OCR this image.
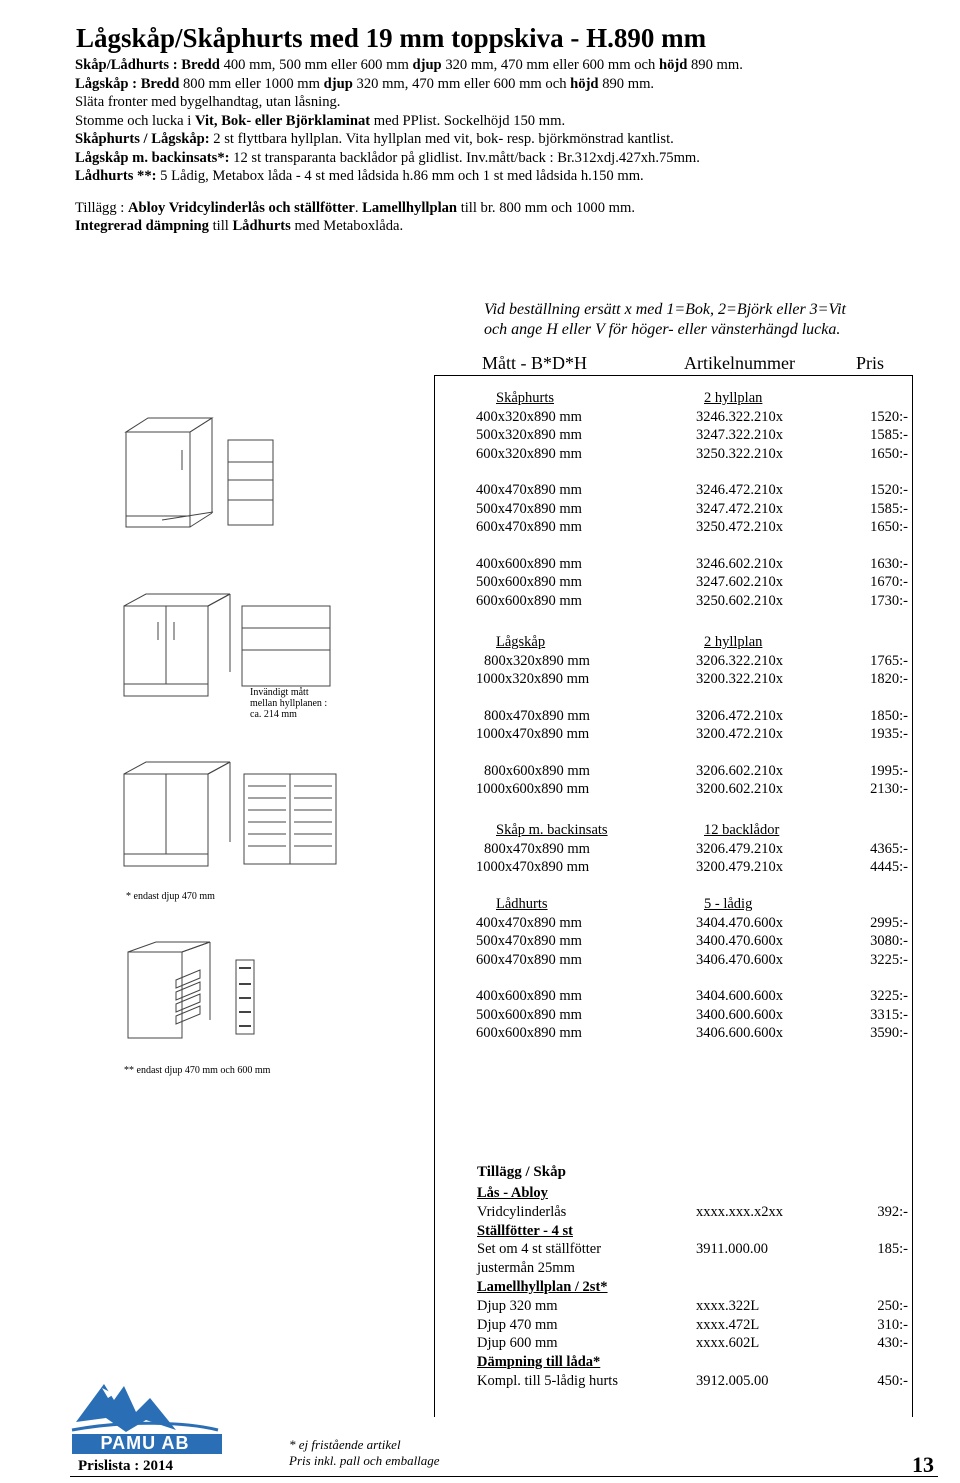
Lågskåp/Skåphurts med 19 mm toppskiva - H.890 mm

Skåp/Lådhurts : Bredd 400 mm, 500 mm eller 600 mm djup 320 mm, 470 mm eller 600 mm och höjd 890 mm.

Lågskåp : Bredd 800 mm eller 1000 mm djup 320 mm, 470 mm eller 600 mm och höjd 890 mm.

Släta fronter med bygelhandtag, utan låsning.

Stomme och lucka i Vit, Bok- eller Björklaminat med PPlist. Sockelhöjd 150 mm.

Skåphurts / Lågskåp: 2 st flyttbara hyllplan. Vita hyllplan med vit, bok- resp. björkmönstrad kantlist.

Lågskåp m. backinsats*: 12 st transparanta backlådor på glidlist. Inv.mått/back : Br.312xdj.427xh.75mm.

Lådhurts **: 5 Lådig, Metabox låda - 4 st med lådsida h.86 mm och 1 st med lådsida h.150 mm.

Tillägg : Abloy Vridcylinderlås och ställfötter. Lamellhyllplan till br. 800 mm och 1000 mm.

Integrerad dämpning till Lådhurts med Metaboxlåda.

Vid beställning ersätt x med 1=Bok, 2=Björk eller 3=Vit
och ange H eller V för höger- eller vänsterhängd lucka.
Mått - B*D*H	Artikelnummer	Pris
Skåphurts	2 hyllplan
400x320x890 mm	3246.322.210x	1520:-
500x320x890 mm	3247.322.210x	1585:-
600x320x890 mm	3250.322.210x	1650:-
400x470x890 mm	3246.472.210x	1520:-
500x470x890 mm	3247.472.210x	1585:-
600x470x890 mm	3250.472.210x	1650:-
400x600x890 mm	3246.602.210x	1630:-
500x600x890 mm	3247.602.210x	1670:-
600x600x890 mm	3250.602.210x	1730:-
Lågskåp	2 hyllplan
800x320x890 mm	3206.322.210x	1765:-
1000x320x890 mm	3200.322.210x	1820:-
800x470x890 mm	3206.472.210x	1850:-
1000x470x890 mm	3200.472.210x	1935:-
800x600x890 mm	3206.602.210x	1995:-
1000x600x890 mm	3200.602.210x	2130:-
Skåp m. backinsats	12 backlådor
800x470x890 mm	3206.479.210x	4365:-
1000x470x890 mm	3200.479.210x	4445:-
Lådhurts	5 - lådig
400x470x890 mm	3404.470.600x	2995:-
500x470x890 mm	3400.470.600x	3080:-
600x470x890 mm	3406.470.600x	3225:-
400x600x890 mm	3404.600.600x	3225:-
500x600x890 mm	3400.600.600x	3315:-
600x600x890 mm	3406.600.600x	3590:-
Invändigt mått
mellan hyllplanen :
ca. 214 mm
* endast djup 470 mm
** endast djup 470 mm och 600 mm
Tillägg / Skåp
Lås - Abloy
Vridcylinderlås	xxxx.xxx.x2xx	392:-
Ställfötter - 4 st
Set om 4 st ställfötter	3911.000.00	185:-
justermån 25mm
Lamellhyllplan / 2st*
Djup 320 mm	xxxx.322L	250:-
Djup 470 mm	xxxx.472L	310:-
Djup 600 mm	xxxx.602L	430:-
Dämpning till låda*
Kompl. till 5-lådig hurts	3912.005.00	450:-
PAMU AB
Prislista : 2014
* ej fristående artikel
Pris inkl. pall och emballage	13
